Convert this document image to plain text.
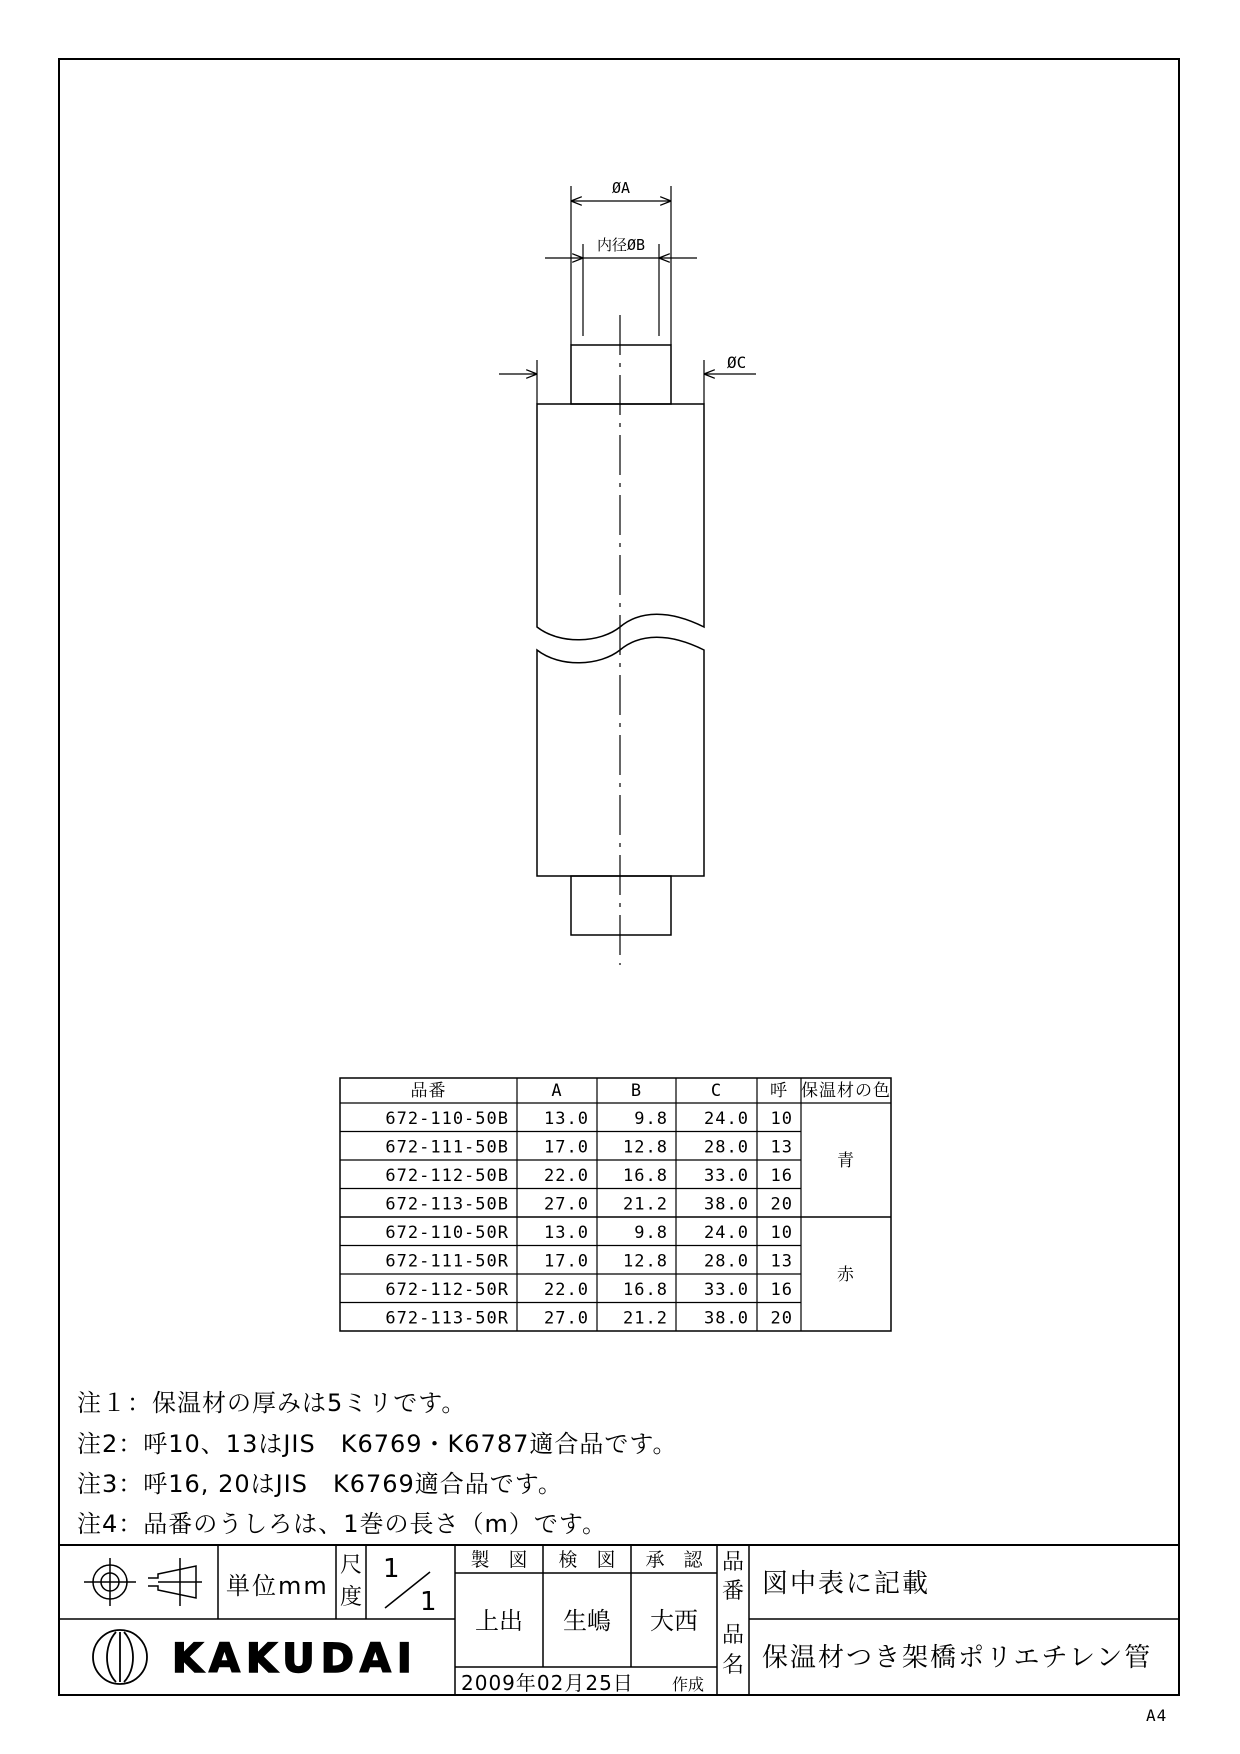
ØA
内径ØB
ØC
品番	A	B	C	呼 保温材の色
672-110-50B 13.0	9.8 24.0 10
672-111-50B 17.0 12.8 28.0 13
672-112-50B 22.0 16.8 33.0 16
672-113-50B 27.0 21.2 38.0 20
672-110-50R 13.0	9.8 24.0 10
672-111-50R 17.0 12.8 28.0 13
672-112-50R 22.0 16.8 33.0 16
672-113-50R 27.0 21.2 38.0 20
青
赤
注１：保温材の厚みは5ミリです。
注2：呼10、13はJIS　K6769・K6787適合品です。
注3：呼16, 20はJIS　K6769適合品です。
注4：品番のうしろは、1巻の長さ（m）です。
KAKUDAI
単位mm
尺
度
1
1
製　図 検　図 承　認
上出 生嶋 大西
2009年02月25日 作成
品
番 図中表に記載
品
名 保温材つき架橋ポリエチレン管
A4
